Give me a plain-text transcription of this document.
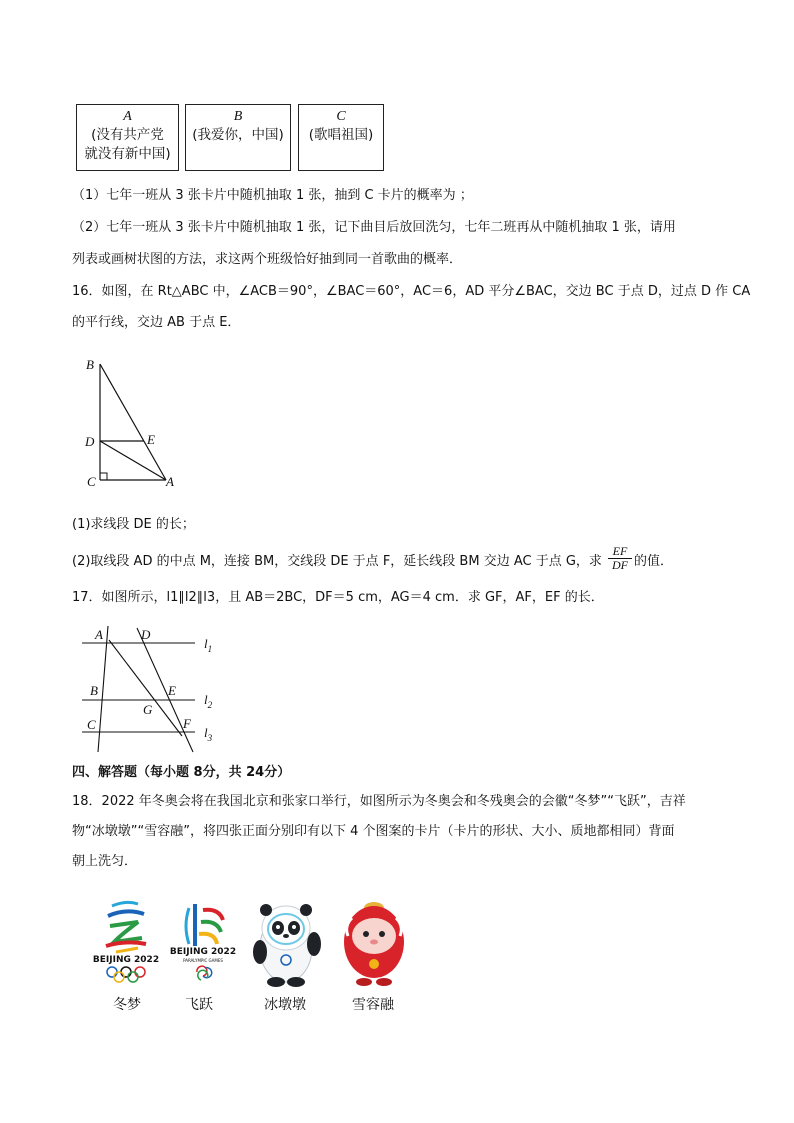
A
(没有共产党
就没有新中国)
B
(我爱你，中国)
C
(歌唱祖国)
（1）七年一班从 3 张卡片中随机抽取 1 张，抽到 C 卡片的概率为 ；
（2）七年一班从 3 张卡片中随机抽取 1 张，记下曲目后放回洗匀，七年二班再从中随机抽取 1 张，请用
列表或画树状图的方法，求这两个班级恰好抽到同一首歌曲的概率．
16．如图，在 Rt△ABC 中，∠ACB＝90°，∠BAC＝60°，AC＝6，AD 平分∠BAC，交边 BC 于点 D，过点 D 作 CA
的平行线，交边 AB 于点 E．
B
D	E
C	A
(1)求线段 DE 的长；
(2)取线段 AD 的中点 M，连接 BM，交线段 DE 于点 F，延长线段 BM 交边 AC 于点 G，求 $\frac{EF}{DF}$ 的值．
17．如图所示，l1∥l2∥l3，且 AB＝2BC，DF＝5 cm，AG＝4 cm．求 GF，AF，EF 的长．
A	D
B	E
G
C	F
$l_1$
$l_2$
$l_3$
四、解答题（每小题 8分，共 24分）
18．2022 年冬奥会将在我国北京和张家口举行，如图所示为冬奥会和冬残奥会的会徽“冬梦”“飞跃”，吉祥
物“冰墩墩”“雪容融”，将四张正面分别印有以下 4 个图案的卡片（卡片的形状、大小、质地都相同）背面
朝上洗匀．
BEIJING 2022
BEIJING 2022
PARALYMPIC GAMES
冬梦	飞跃	冰墩墩	雪容融
